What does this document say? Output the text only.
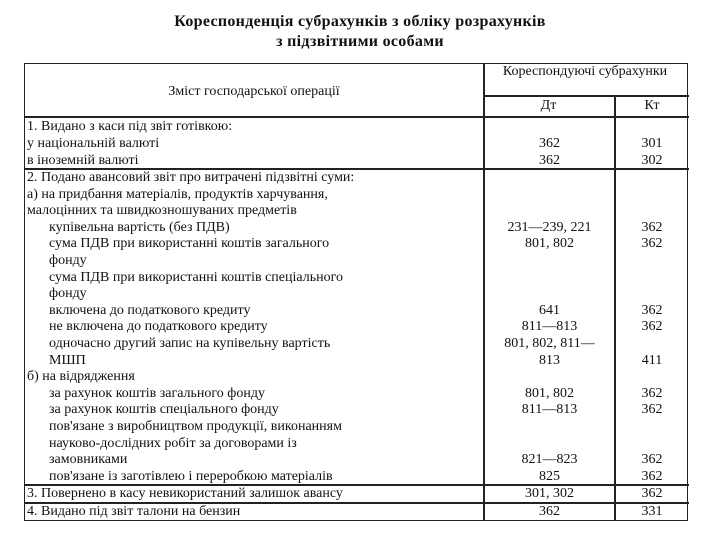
Кореспонденція субрахунків з обліку розрахунків
з підзвітними особами
Зміст господарської операції
Кореспондуючі субрахунки
Дт	Кт
1. Видано з каси під звіт готівкою:
у національній валюті	362	301
в іноземній валюті	362	302
2. Подано авансовий звіт про витрачені підзвітні суми:
а) на придбання матеріалів, продуктів харчування,
малоцінних та швидкозношуваних предметів
купівельна вартість (без ПДВ)	231—239, 221	362
сума ПДВ при використанні коштів загального	801, 802	362
фонду
сума ПДВ при використанні коштів спеціального
фонду
включена до податкового кредиту	641	362
не включена до податкового кредиту	811—813	362
одночасно другий запис на купівельну вартість	801, 802, 811—
МШП	813	411
б) на відрядження
за рахунок коштів загального фонду	801, 802	362
за рахунок коштів спеціального фонду	811—813	362
пов'язане з виробництвом продукції, виконанням
науково-дослідних робіт за договорами із
замовниками	821—823	362
пов'язане із заготівлею і переробкою матеріалів	825	362
3. Повернено в касу невикористаний залишок авансу	301, 302	362
4. Видано під звіт талони на бензин	362	331
